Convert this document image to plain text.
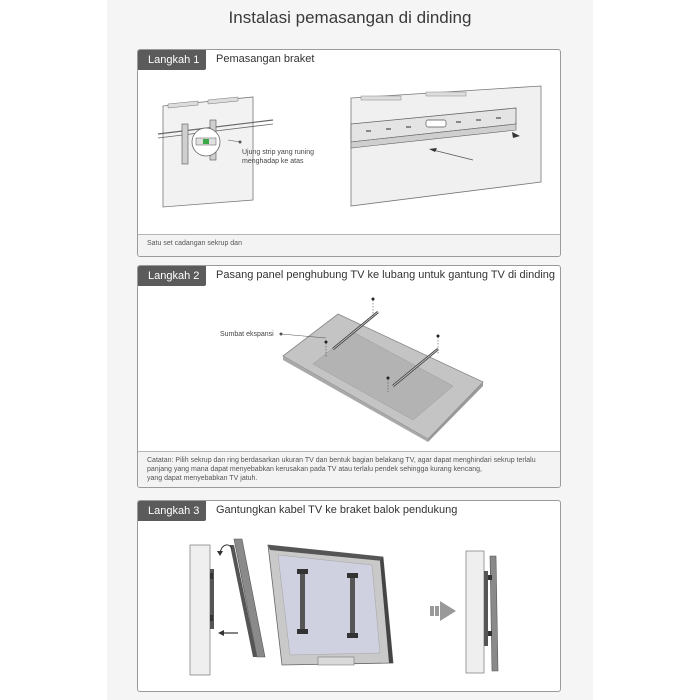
Instalasi pemasangan di dinding
Langkah 1	Pemasangan braket
Ujung strip yang runing
menghadap ke atas
Satu set cadangan sekrup dan
Langkah 2	Pasang panel penghubung TV ke lubang untuk gantung TV di dinding
Sumbat ekspansi
Catatan: Pilih sekrup dan ring berdasarkan ukuran TV dan bentuk bagian belakang TV, agar dapat menghindari sekrup terlalu
panjang yang mana dapat menyebabkan kerusakan pada TV atau terlalu pendek sehingga kurang kencang,
yang dapat menyebabkan TV jatuh.
Langkah 3	Gantungkan kabel TV ke braket balok pendukung
